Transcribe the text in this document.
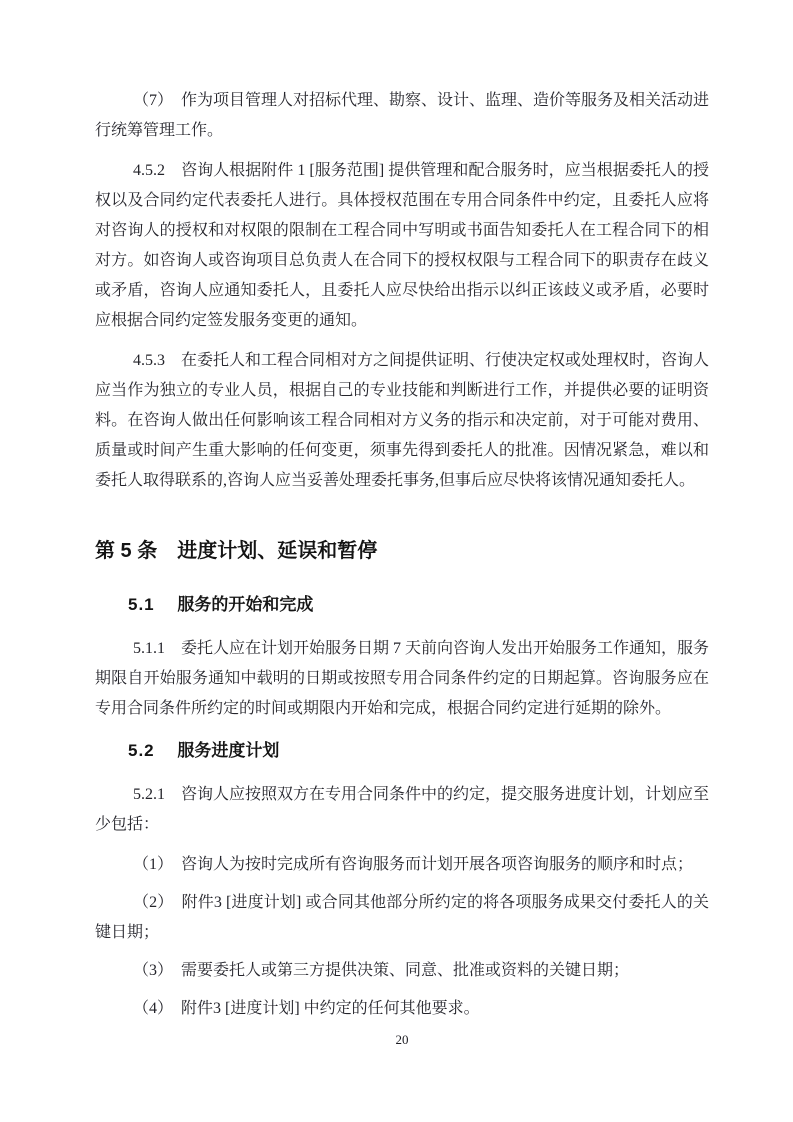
（7）　作为项目管理人对招标代理、勘察、设计、监理、造价等服务及相关活动进行统筹管理工作。

4.5.2　咨询人根据附件 1 [服务范围] 提供管理和配合服务时，应当根据委托人的授权以及合同约定代表委托人进行。具体授权范围在专用合同条件中约定，且委托人应将对咨询人的授权和对权限的限制在工程合同中写明或书面告知委托人在工程合同下的相对方。如咨询人或咨询项目总负责人在合同下的授权权限与工程合同下的职责存在歧义或矛盾，咨询人应通知委托人，且委托人应尽快给出指示以纠正该歧义或矛盾，必要时应根据合同约定签发服务变更的通知。

4.5.3　在委托人和工程合同相对方之间提供证明、行使决定权或处理权时，咨询人应当作为独立的专业人员，根据自己的专业技能和判断进行工作，并提供必要的证明资料。在咨询人做出任何影响该工程合同相对方义务的指示和决定前，对于可能对费用、质量或时间产生重大影响的任何变更，须事先得到委托人的批准。因情况紧急，难以和委托人取得联系的,咨询人应当妥善处理委托事务,但事后应尽快将该情况通知委托人。

第 5 条　进度计划、延误和暂停
5.1 服务的开始和完成

5.1.1　委托人应在计划开始服务日期 7 天前向咨询人发出开始服务工作通知，服务期限自开始服务通知中载明的日期或按照专用合同条件约定的日期起算。咨询服务应在专用合同条件所约定的时间或期限内开始和完成，根据合同约定进行延期的除外。

5.2 服务进度计划

5.2.1　咨询人应按照双方在专用合同条件中的约定，提交服务进度计划，计划应至少包括：

（1）　咨询人为按时完成所有咨询服务而计划开展各项咨询服务的顺序和时点；

（2）　附件3 [进度计划] 或合同其他部分所约定的将各项服务成果交付委托人的关键日期；

（3）　需要委托人或第三方提供决策、同意、批准或资料的关键日期；

（4）　附件3 [进度计划] 中约定的任何其他要求。

20
